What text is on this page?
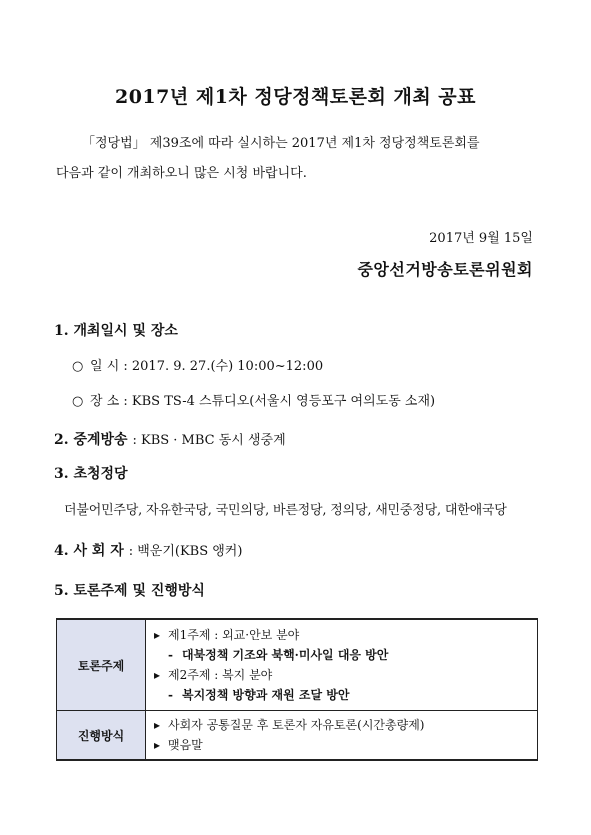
2017년 제1차 정당정책토론회 개최 공표
「정당법」 제39조에 따라 실시하는 2017년 제1차 정당정책토론회를
다음과 같이 개최하오니 많은 시청 바랍니다.
2017년 9월 15일
중앙선거방송토론위원회
1. 개최일시 및 장소
○ 일 시 : 2017. 9. 27.(수) 10:00~12:00
○ 장 소 : KBS TS-4 스튜디오(서울시 영등포구 여의도동 소재)
2. 중계방송 : KBS · MBC 동시 생중계
3. 초청정당
더불어민주당, 자유한국당, 국민의당, 바른정당, 정의당, 새민중정당, 대한애국당
4. 사 회 자 : 백운기(KBS 앵커)
5. 토론주제 및 진행방식
토론주제	▸ 제1주제 : 외교·안보 분야
- 대북정책 기조와 북핵·미사일 대응 방안
▸ 제2주제 : 복지 분야
- 복지정책 방향과 재원 조달 방안

진행방식	▸ 사회자 공통질문 후 토론자 자유토론(시간총량제)
▸ 맺음말
